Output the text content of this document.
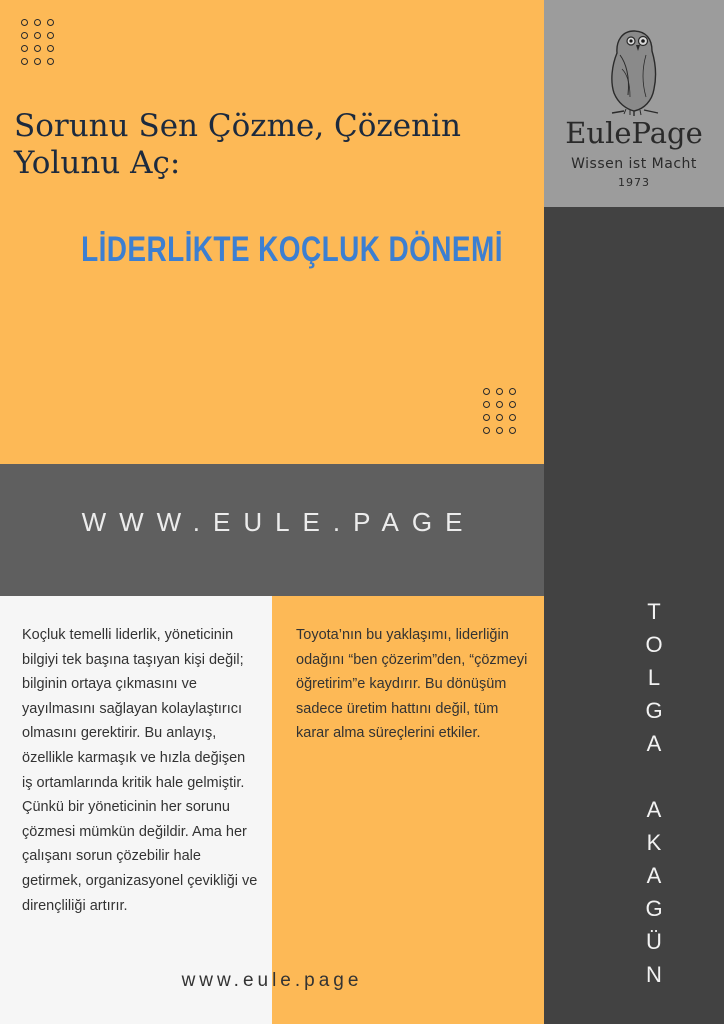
Sorunu Sen Çözme, Çözenin Yolunu Aç:
LİDERLİKTE KOÇLUK DÖNEMİ
WWW.EULE.PAGE

Koçluk temelli liderlik, yöneticinin bilgiyi tek başına taşıyan kişi değil; bilginin ortaya çıkmasını ve yayılmasını sağlayan kolaylaştırıcı olmasını gerektirir. Bu anlayış, özellikle karmaşık ve hızla değişen iş ortamlarında kritik hale gelmiştir. Çünkü bir yöneticinin her sorunu çözmesi mümkün değildir. Ama her çalışanı sorun çözebilir hale getirmek, organizasyonel çevikliği ve dirençliliği artırır.

Toyota’nın bu yaklaşımı, liderliğin odağını “ben çözerim”den, “çözmeyi öğretirim”e kaydırır. Bu dönüşüm sadece üretim hattını değil, tüm karar alma süreçlerini etkiler.

www.eule.page
EulePage
Wissen ist Macht
1973
T
O
L
G
A
A
K
A
G
Ü
N
